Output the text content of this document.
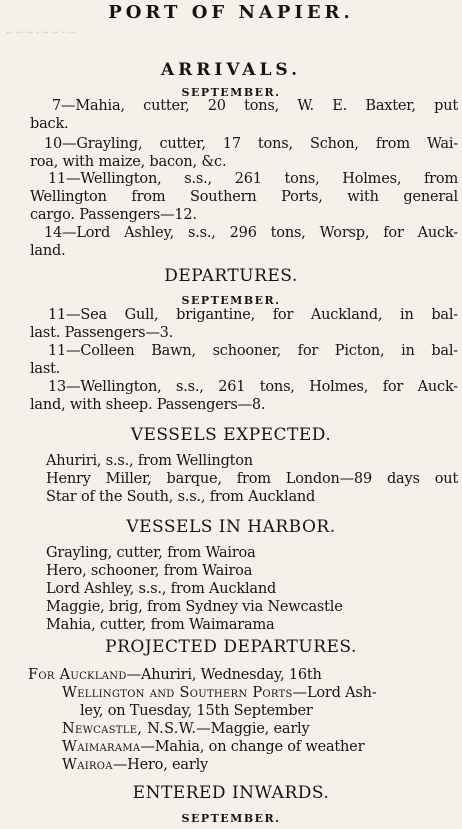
·· ·· ·· · ·· ·· · ··
PORT OF NAPIER.
ARRIVALS.
SEPTEMBER.
7—Mahia, cutter, 20 tons, W. E. Baxter, put
back.
10—Grayling, cutter, 17 tons, Schon, from Wai-
roa, with maize, bacon, &c.
11—Wellington, s.s., 261 tons, Holmes, from
Wellington from Southern Ports, with general
cargo. Passengers—12.
14—Lord Ashley, s.s., 296 tons, Worsp, for Auck-
land.
DEPARTURES.
SEPTEMBER.
11—Sea Gull, brigantine, for Auckland, in bal-
last. Passengers—3.
11—Colleen Bawn, schooner, for Picton, in bal-
last.
13—Wellington, s.s., 261 tons, Holmes, for Auck-
land, with sheep. Passengers—8.
VESSELS EXPECTED.
Ahuriri, s.s., from Wellington
Henry Miller, barque, from London—89 days out
Star of the South, s.s., from Auckland
VESSELS IN HARBOR.
Grayling, cutter, from Wairoa
Hero, schooner, from Wairoa
Lord Ashley, s.s., from Auckland
Maggie, brig, from Sydney via Newcastle
Mahia, cutter, from Waimarama
PROJECTED DEPARTURES.
For Auckland—Ahuriri, Wednesday, 16th
Wellington and Southern Ports—Lord Ash-
ley, on Tuesday, 15th September
Newcastle, N.S.W.—Maggie, early
Waimarama—Mahia, on change of weather
Wairoa—Hero, early
ENTERED INWARDS.
SEPTEMBER.
